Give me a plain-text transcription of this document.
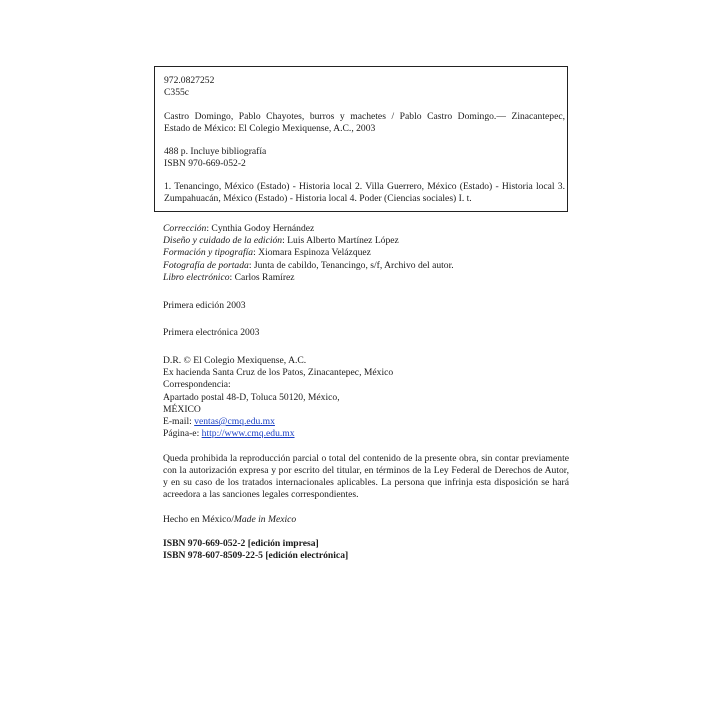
972.0827252

C355c

Castro Domingo, Pablo Chayotes, burros y machetes / Pablo Castro Domingo.— Zinacantepec,

Estado de México: El Colegio Mexiquense, A.C., 2003

488 p. Incluye bibliografía

ISBN 970-669-052-2

1. Tenancingo, México (Estado) - Historia local 2. Villa Guerrero, México (Estado) - Historia local 3.

Zumpahuacán, México (Estado) - Historia local 4. Poder (Ciencias sociales) I. t.

Corrección: Cynthia Godoy Hernández

Diseño y cuidado de la edición: Luis Alberto Martínez López

Formación y tipografía: Xiomara Espinoza Velázquez

Fotografía de portada: Junta de cabildo, Tenancingo, s/f, Archivo del autor.

Libro electrónico: Carlos Ramírez

Primera edición 2003

Primera electrónica 2003

D.R. © El Colegio Mexiquense, A.C.

Ex hacienda Santa Cruz de los Patos, Zinacantepec, México

Correspondencia:

Apartado postal 48-D, Toluca 50120, México,

MÉXICO

E-mail: ventas@cmq.edu.mx

Página-e: http://www.cmq.edu.mx

Queda prohibida la reproducción parcial o total del contenido de la presente obra, sin contar previamente con la autorización expresa y por escrito del titular, en términos de la Ley Federal de Derechos de Autor, y en su caso de los tratados internacionales aplicables. La persona que infrinja esta disposición se hará acreedora a las sanciones legales correspondientes.

Hecho en México/Made in Mexico

ISBN 970-669-052-2 [edición impresa]

ISBN 978-607-8509-22-5 [edición electrónica]
